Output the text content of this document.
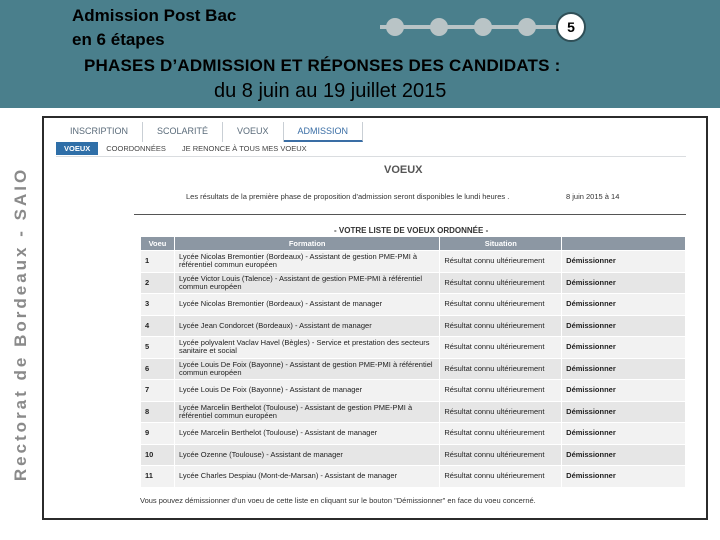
Admission Post Bac
en 6 étapes
5
PHASES D’ADMISSION ET RÉPONSES DES CANDIDATS :
du 8 juin au 19 juillet 2015
Rectorat de Bordeaux - SAIO
INSCRIPTION	SCOLARITÉ	VOEUX	ADMISSION
VOEUX	COORDONNÉES	JE RENONCE À TOUS MES VOEUX
VOEUX
Les résultats de la première phase de proposition d'admission seront disponibles le lundi heures .	8 juin 2015 à 14
- VOTRE LISTE DE VOEUX ORDONNÉE -
Voeu	Formation	Situation	
1	Lycée Nicolas Bremontier (Bordeaux) - Assistant de gestion PME-PMI à référentiel commun européen	Résultat connu ultérieurement	Démissionner
2	Lycée Victor Louis (Talence) - Assistant de gestion PME-PMI à référentiel commun européen	Résultat connu ultérieurement	Démissionner
3	Lycée Nicolas Bremontier (Bordeaux) - Assistant de manager	Résultat connu ultérieurement	Démissionner
4	Lycée Jean Condorcet (Bordeaux) - Assistant de manager	Résultat connu ultérieurement	Démissionner
5	Lycée polyvalent Vaclav Havel (Bègles) - Service et prestation des secteurs sanitaire et social	Résultat connu ultérieurement	Démissionner
6	Lycée Louis De Foix (Bayonne) - Assistant de gestion PME-PMI à référentiel commun européen	Résultat connu ultérieurement	Démissionner
7	Lycée Louis De Foix (Bayonne) - Assistant de manager	Résultat connu ultérieurement	Démissionner
8	Lycée Marcelin Berthelot (Toulouse) - Assistant de gestion PME-PMI à référentiel commun européen	Résultat connu ultérieurement	Démissionner
9	Lycée Marcelin Berthelot (Toulouse) - Assistant de manager	Résultat connu ultérieurement	Démissionner
10	Lycée Ozenne (Toulouse) - Assistant de manager	Résultat connu ultérieurement	Démissionner
11	Lycée Charles Despiau (Mont-de-Marsan) - Assistant de manager	Résultat connu ultérieurement	Démissionner
Vous pouvez démissionner d'un voeu de cette liste en cliquant sur le bouton "Démissionner" en face du voeu concerné.
